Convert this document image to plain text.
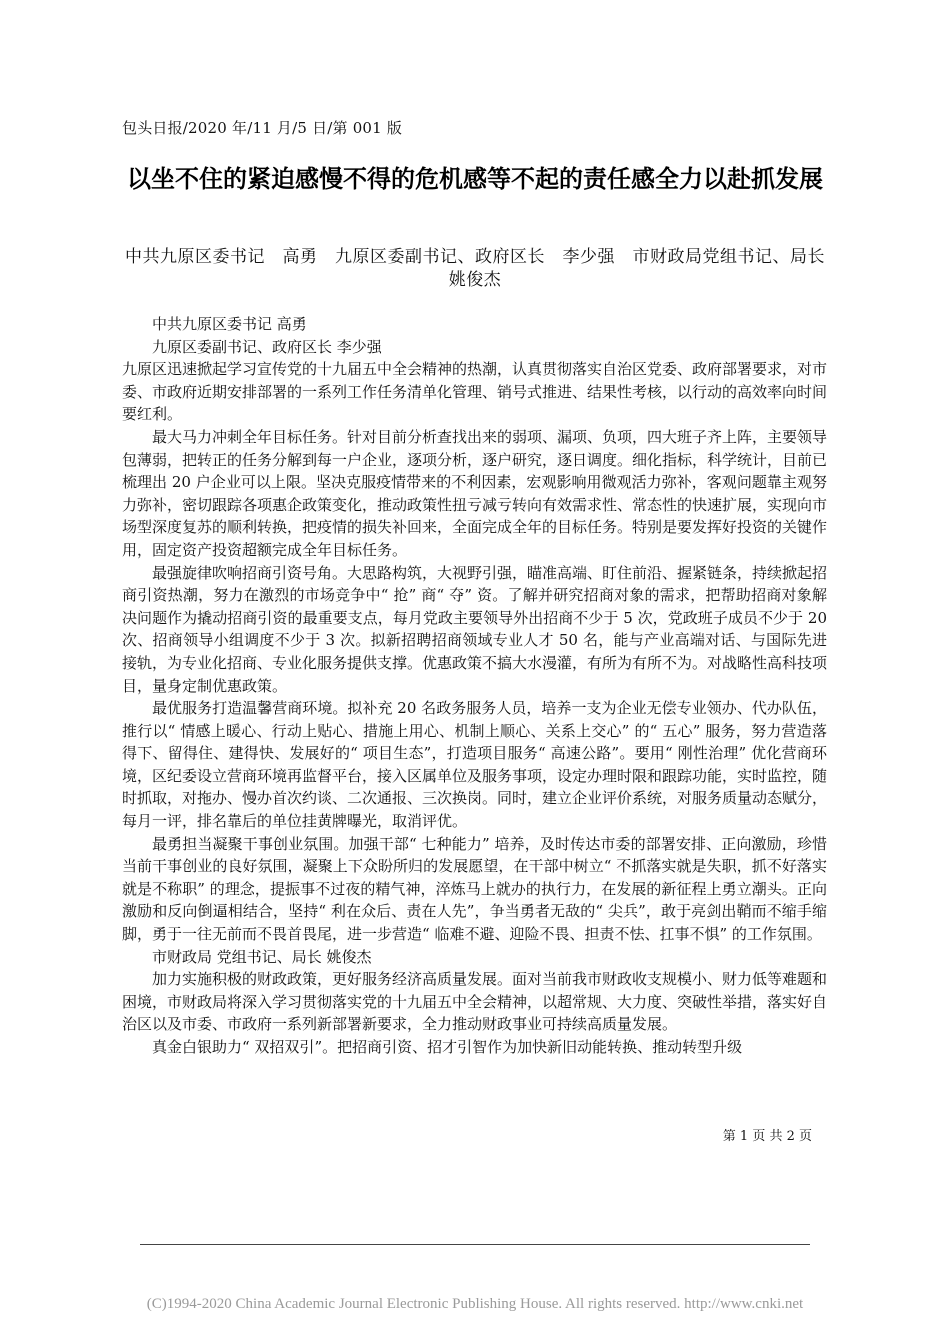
包头日报/2020 年/11 月/5 日/第 001 版
以坐不住的紧迫感慢不得的危机感等不起的责任感全力以赴抓发展
中共九原区委书记　高勇　九原区委副书记、政府区长　李少强　市财政局党组书记、局长　姚俊杰

中共九原区委书记 高勇

九原区委副书记、政府区长 李少强

九原区迅速掀起学习宣传党的十九届五中全会精神的热潮，认真贯彻落实自治区党委、政府部署要求，对市委、市政府近期安排部署的一系列工作任务清单化管理、销号式推进、结果性考核，以行动的高效率向时间要红利。

最大马力冲刺全年目标任务。针对目前分析查找出来的弱项、漏项、负项，四大班子齐上阵，主要领导包薄弱，把转正的任务分解到每一户企业，逐项分析，逐户研究，逐日调度。细化指标，科学统计，目前已梳理出 20 户企业可以上限。坚决克服疫情带来的不利因素，宏观影响用微观活力弥补，客观问题靠主观努力弥补，密切跟踪各项惠企政策变化，推动政策性扭亏减亏转向有效需求性、常态性的快速扩展，实现向市场型深度复苏的顺利转换，把疫情的损失补回来，全面完成全年的目标任务。特别是要发挥好投资的关键作用，固定资产投资超额完成全年目标任务。

最强旋律吹响招商引资号角。大思路构筑，大视野引强，瞄准高端、盯住前沿、握紧链条，持续掀起招商引资热潮，努力在激烈的市场竞争中“ 抢” 商“ 夺” 资。了解并研究招商对象的需求，把帮助招商对象解决问题作为撬动招商引资的最重要支点，每月党政主要领导外出招商不少于 5 次，党政班子成员不少于 20 次、招商领导小组调度不少于 3 次。拟新招聘招商领域专业人才 50 名，能与产业高端对话、与国际先进接轨，为专业化招商、专业化服务提供支撑。优惠政策不搞大水漫灌，有所为有所不为。对战略性高科技项目，量身定制优惠政策。

最优服务打造温馨营商环境。拟补充 20 名政务服务人员，培养一支为企业无偿专业领办、代办队伍，推行以“ 情感上暖心、行动上贴心、措施上用心、机制上顺心、关系上交心” 的“ 五心” 服务，努力营造落得下、留得住、建得快、发展好的“ 项目生态”，打造项目服务“ 高速公路”。要用“ 刚性治理” 优化营商环境，区纪委设立营商环境再监督平台，接入区属单位及服务事项，设定办理时限和跟踪功能，实时监控，随时抓取，对拖办、慢办首次约谈、二次通报、三次换岗。同时，建立企业评价系统，对服务质量动态赋分，每月一评，排名靠后的单位挂黄牌曝光，取消评优。

最勇担当凝聚干事创业氛围。加强干部“ 七种能力” 培养，及时传达市委的部署安排、正向激励，珍惜当前干事创业的良好氛围，凝聚上下众盼所归的发展愿望，在干部中树立“ 不抓落实就是失职，抓不好落实就是不称职” 的理念，提振事不过夜的精气神，淬炼马上就办的执行力，在发展的新征程上勇立潮头。正向激励和反向倒逼相结合，坚持“ 利在众后、责在人先”，争当勇者无敌的“ 尖兵”，敢于亮剑出鞘而不缩手缩脚，勇于一往无前而不畏首畏尾，进一步营造“ 临难不避、迎险不畏、担责不怯、扛事不惧” 的工作氛围。

市财政局 党组书记、局长 姚俊杰

加力实施积极的财政政策，更好服务经济高质量发展。面对当前我市财政收支规模小、财力低等难题和困境，市财政局将深入学习贯彻落实党的十九届五中全会精神，以超常规、大力度、突破性举措，落实好自治区以及市委、市政府一系列新部署新要求，全力推动财政事业可持续高质量发展。

真金白银助力“ 双招双引”。把招商引资、招才引智作为加快新旧动能转换、推动转型升级

第 1 页 共 2 页
(C)1994-2020 China Academic Journal Electronic Publishing House. All rights reserved. http://www.cnki.net
